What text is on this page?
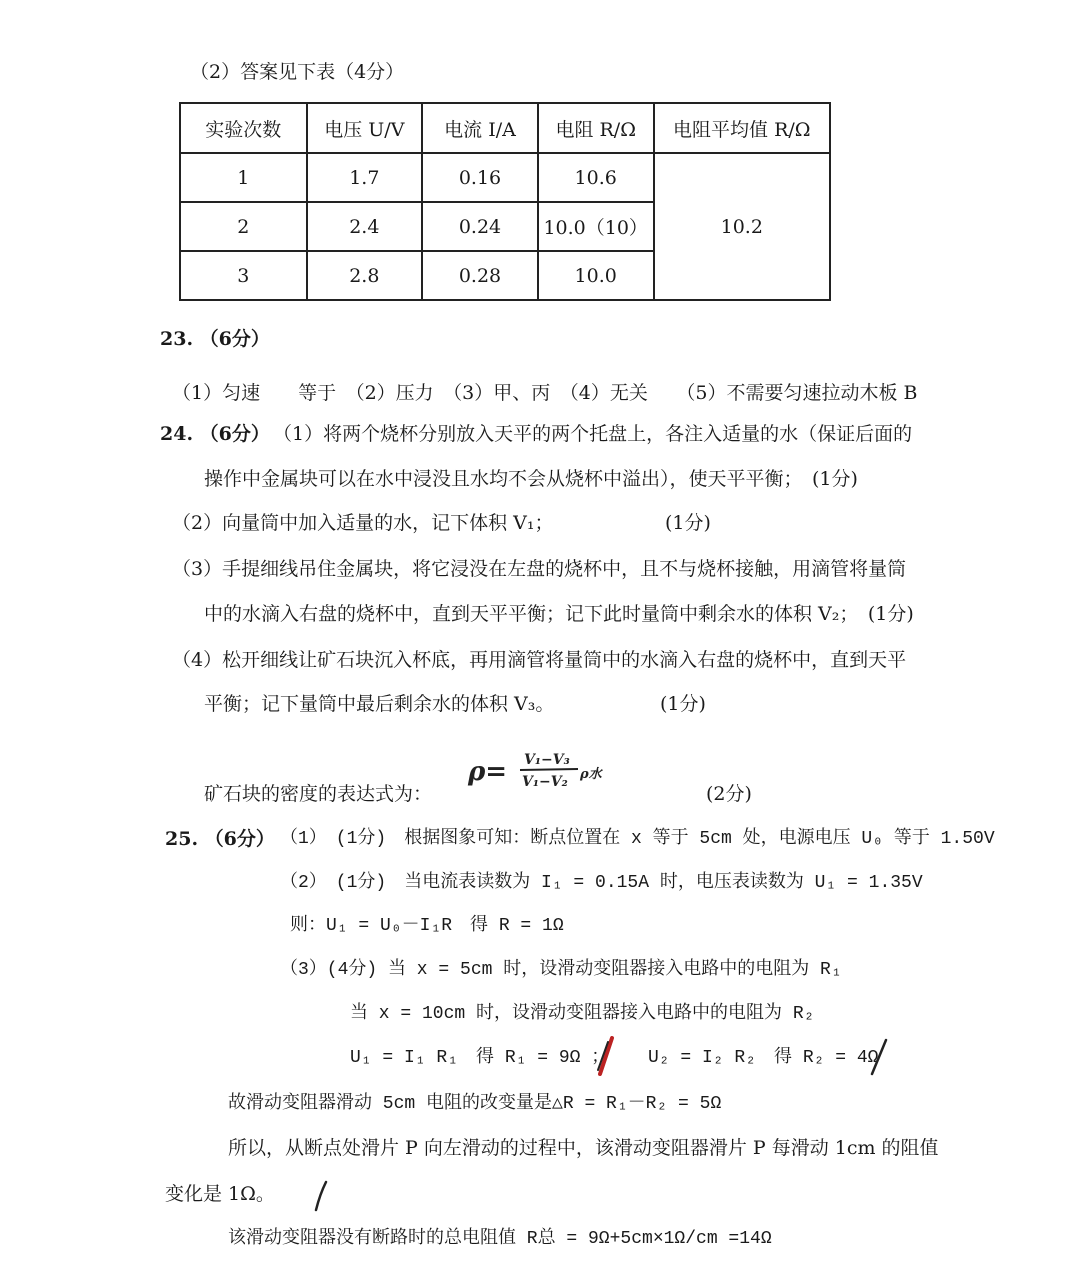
（2）答案见下表（4分）
实验次数	电压 U/V	电流 I/A	电阻 R/Ω	电阻平均值 R/Ω
1	1.7	0.16	10.6	10.2
2	2.4	0.24	10.0（10）	
3	2.8	0.28	10.0	
23. （6分）
（1）匀速　　等于　（2）压力　（3）甲、丙　（4）无关　　（5）不需要匀速拉动木板 B
24. （6分） （1）将两个烧杯分别放入天平的两个托盘上，各注入适量的水（保证后面的
操作中金属块可以在水中浸没且水均不会从烧杯中溢出），使天平平衡；　(1分)
（2）向量筒中加入适量的水，记下体积 V₁；	(1分)
（3）手提细线吊住金属块，将它浸没在左盘的烧杯中，且不与烧杯接触，用滴管将量筒
中的水滴入右盘的烧杯中，直到天平平衡；记下此时量筒中剩余水的体积 V₂；　(1分)
（4）松开细线让矿石块沉入杯底，再用滴管将量筒中的水滴入右盘的烧杯中，直到天平
平衡；记下量筒中最后剩余水的体积 V₃。	(1分)
矿石块的密度的表达式为：	(2分)
ρ= V₁−V₃
V₁−V₂ ρ水
25. （6分） （1）　(1分)　根据图象可知：断点位置在 x 等于 5cm 处，电源电压 U₀ 等于 1.50V
（2）　(1分)　当电流表读数为 I₁ = 0.15A 时，电压表读数为 U₁ = 1.35V
则：U₁ = U₀－I₁R　得 R = 1Ω
（3）(4分) 当 x = 5cm 时，设滑动变阻器接入电路中的电阻为 R₁
当 x = 10cm 时，设滑动变阻器接入电路中的电阻为 R₂
U₁ = I₁ R₁　得 R₁ = 9Ω ； U₂ = I₂ R₂　得 R₂ = 4Ω
故滑动变阻器滑动 5cm 电阻的改变量是△R = R₁－R₂ = 5Ω
所以，从断点处滑片 P 向左滑动的过程中，该滑动变阻器滑片 P 每滑动 1cm 的阻值
变化是 1Ω。
该滑动变阻器没有断路时的总电阻值 R总 = 9Ω+5cm×1Ω/cm =14Ω
